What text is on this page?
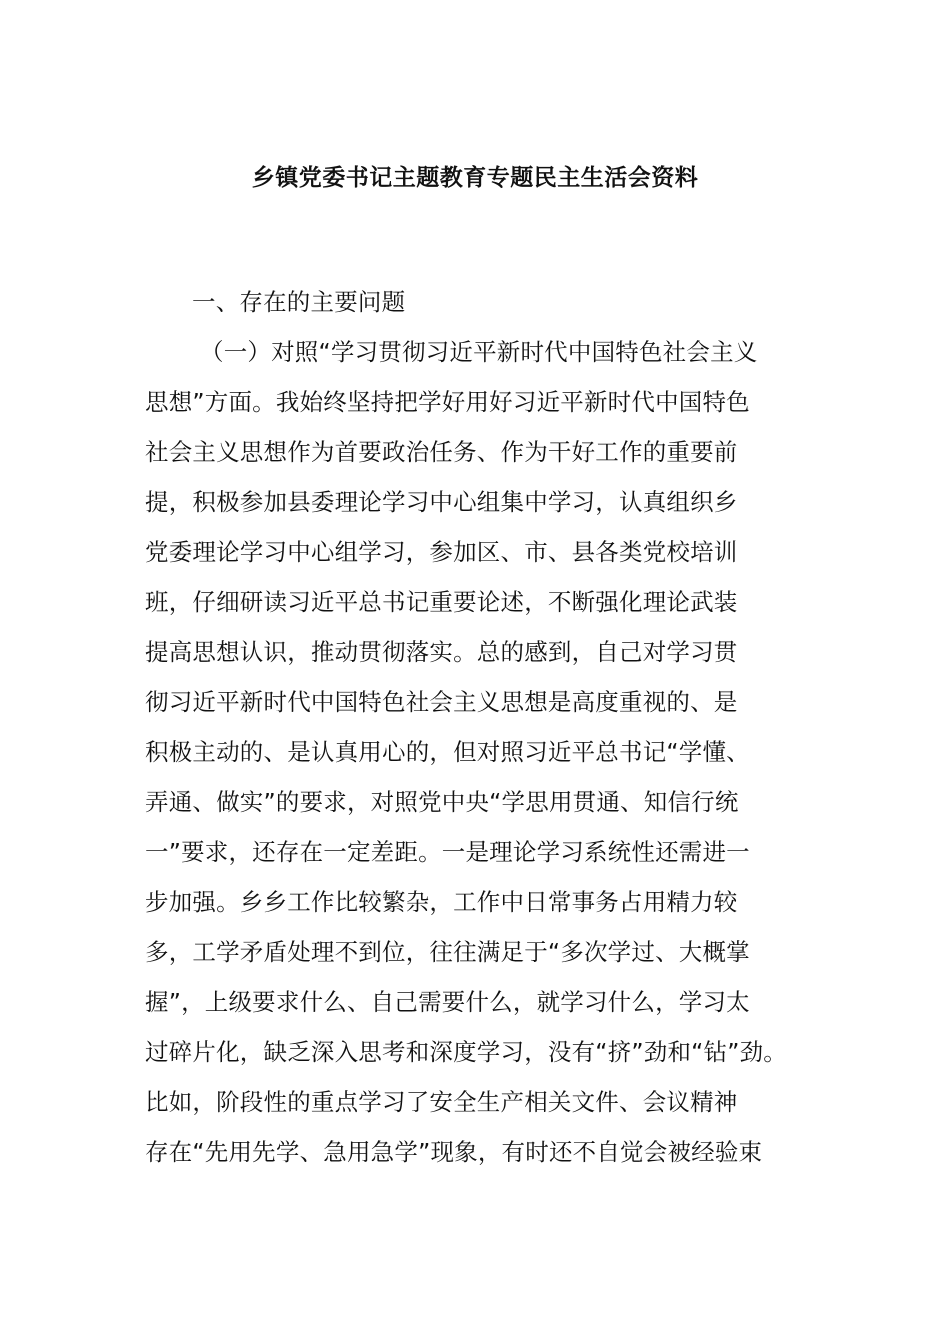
乡镇党委书记主题教育专题民主生活会资料
一、存在的主要问题
（一）对照“学习贯彻习近平新时代中国特色社会主义
思想”方面。我始终坚持把学好用好习近平新时代中国特色
社会主义思想作为首要政治任务、作为干好工作的重要前
提，积极参加县委理论学习中心组集中学习，认真组织乡
党委理论学习中心组学习，参加区、市、县各类党校培训
班，仔细研读习近平总书记重要论述，不断强化理论武装
提高思想认识，推动贯彻落实。总的感到，自己对学习贯
彻习近平新时代中国特色社会主义思想是高度重视的、是
积极主动的、是认真用心的，但对照习近平总书记“学懂、
弄通、做实”的要求，对照党中央“学思用贯通、知信行统
一”要求，还存在一定差距。一是理论学习系统性还需进一
步加强。乡乡工作比较繁杂，工作中日常事务占用精力较
多，工学矛盾处理不到位，往往满足于“多次学过、大概掌
握”，上级要求什么、自己需要什么，就学习什么，学习太
过碎片化，缺乏深入思考和深度学习，没有“挤”劲和“钻”劲。
比如，阶段性的重点学习了安全生产相关文件、会议精神
存在“先用先学、急用急学”现象，有时还不自觉会被经验束
